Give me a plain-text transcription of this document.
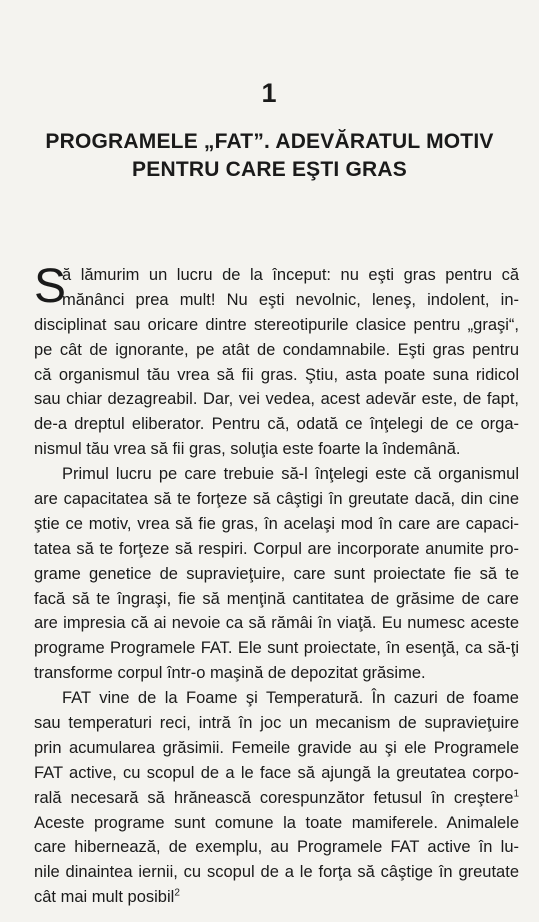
1
PROGRAMELE „FAT”. ADEVĂRATUL MOTIV
PENTRU CARE EŞTI GRAS
S
ă lămurim un lucru de la început: nu eşti gras pentru că
mănânci prea mult! Nu eşti nevolnic, leneş, indolent, in-
disciplinat sau oricare dintre stereotipurile clasice pentru „graşi“,
pe cât de ignorante, pe atât de condamnabile. Eşti gras pentru
că organismul tău vrea să fii gras. Ştiu, asta poate suna ridicol
sau chiar dezagreabil. Dar, vei vedea, acest adevăr este, de fapt,
de-a dreptul eliberator. Pentru că, odată ce înţelegi de ce orga-
nismul tău vrea să fii gras, soluţia este foarte la îndemână.
Primul lucru pe care trebuie să-l înţelegi este că organismul
are capacitatea să te forţeze să câştigi în greutate dacă, din cine
ştie ce motiv, vrea să fie gras, în acelaşi mod în care are capaci-
tatea să te forţeze să respiri. Corpul are incorporate anumite pro-
grame genetice de supravieţuire, care sunt proiectate fie să te
facă să te îngraşi, fie să menţină cantitatea de grăsime de care
are impresia că ai nevoie ca să rămâi în viaţă. Eu numesc aceste
programe Programele FAT. Ele sunt proiectate, în esenţă, ca să-ţi
transforme corpul într-o maşină de depozitat grăsime.
FAT vine de la Foame şi Temperatură. În cazuri de foame
sau temperaturi reci, intră în joc un mecanism de supravieţuire
prin acumularea grăsimii. Femeile gravide au şi ele Programele
FAT active, cu scopul de a le face să ajungă la greutatea corpo-
rală necesară să hrănească corespunzător fetusul în creştere$^1$
Aceste programe sunt comune la toate mamiferele. Animalele
care hibernează, de exemplu, au Programele FAT active în lu-
nile dinaintea iernii, cu scopul de a le forţa să câştige în greutate
cât mai mult posibil$^2$
